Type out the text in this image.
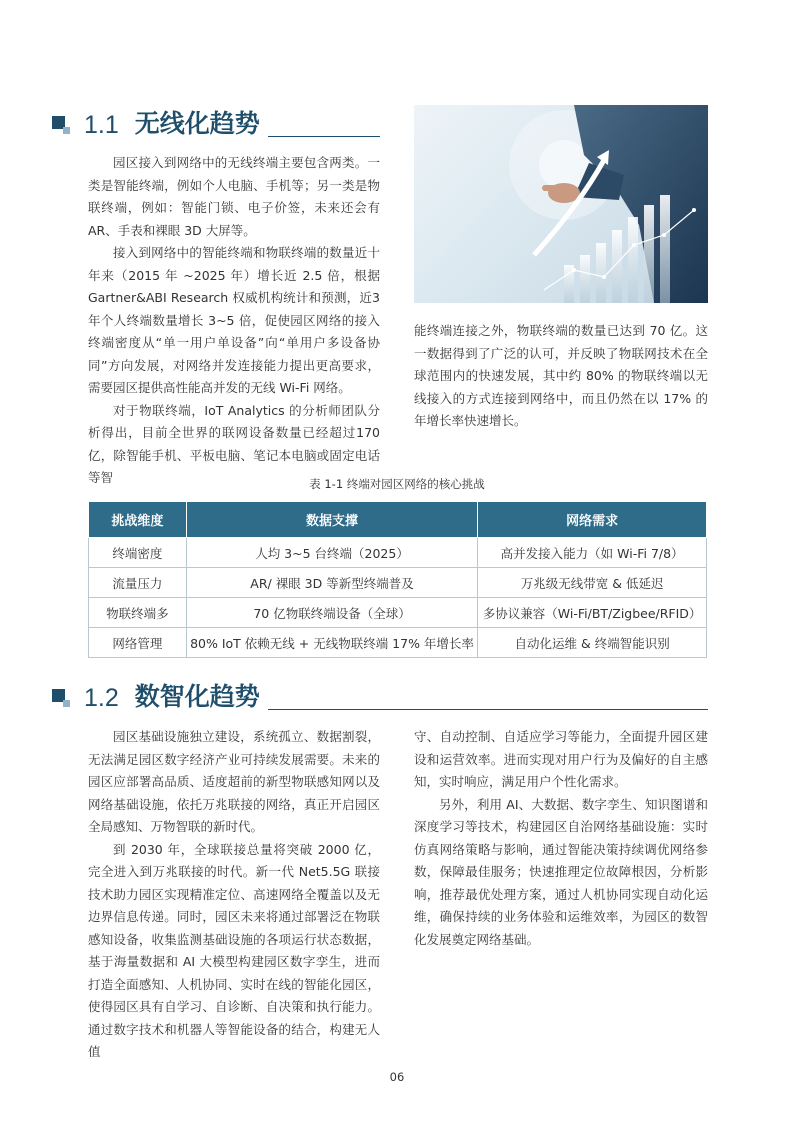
1.1 无线化趋势

园区接入到网络中的无线终端主要包含两类。一类是智能终端，例如个人电脑、手机等；另一类是物联终端，例如：智能门锁、电子价签，未来还会有AR、手表和裸眼 3D 大屏等。

接入到网络中的智能终端和物联终端的数量近十年来（2015 年 ~2025 年）增长近 2.5 倍，根据Gartner&ABI Research 权威机构统计和预测，近3 年个人终端数量增长 3~5 倍，促使园区网络的接入终端密度从“单一用户单设备”向“单用户多设备协同”方向发展，对网络并发连接能力提出更高要求，需要园区提供高性能高并发的无线 Wi-Fi 网络。

对于物联终端，IoT Analytics 的分析师团队分析得出，目前全世界的联网设备数量已经超过170亿，除智能手机、平板电脑、笔记本电脑或固定电话等智

能终端连接之外，物联终端的数量已达到 70 亿。这一数据得到了广泛的认可，并反映了物联网技术在全球范围内的快速发展，其中约 80% 的物联终端以无线接入的方式连接到网络中，而且仍然在以 17% 的年增长率快速增长。

表 1-1 终端对园区网络的核心挑战
挑战维度	数据支撑	网络需求
终端密度	人均 3~5 台终端（2025）	高并发接入能力（如 Wi-Fi 7/8）
流量压力	AR/ 裸眼 3D 等新型终端普及	万兆级无线带宽 & 低延迟
物联终端多	70 亿物联终端设备（全球）	多协议兼容（Wi-Fi/BT/Zigbee/RFID）
网络管理	80% IoT 依赖无线 + 无线物联终端 17% 年增长率	自动化运维 & 终端智能识别
1.2 数智化趋势

园区基础设施独立建设，系统孤立、数据割裂，无法满足园区数字经济产业可持续发展需要。未来的园区应部署高品质、适度超前的新型物联感知网以及网络基础设施，依托万兆联接的网络，真正开启园区全局感知、万物智联的新时代。

到 2030 年，全球联接总量将突破 2000 亿，完全进入到万兆联接的时代。新一代 Net5.5G 联接技术助力园区实现精准定位、高速网络全覆盖以及无边界信息传递。同时，园区未来将通过部署泛在物联感知设备，收集监测基础设施的各项运行状态数据，基于海量数据和 AI 大模型构建园区数字孪生，进而打造全面感知、人机协同、实时在线的智能化园区，使得园区具有自学习、自诊断、自决策和执行能力。通过数字技术和机器人等智能设备的结合，构建无人值

守、自动控制、自适应学习等能力，全面提升园区建设和运营效率。进而实现对用户行为及偏好的自主感知，实时响应，满足用户个性化需求。

另外，利用 AI、大数据、数字孪生、知识图谱和深度学习等技术，构建园区自治网络基础设施：实时仿真网络策略与影响，通过智能决策持续调优网络参数，保障最佳服务；快速推理定位故障根因，分析影响，推荐最优处理方案，通过人机协同实现自动化运维，确保持续的业务体验和运维效率，为园区的数智化发展奠定网络基础。

06
